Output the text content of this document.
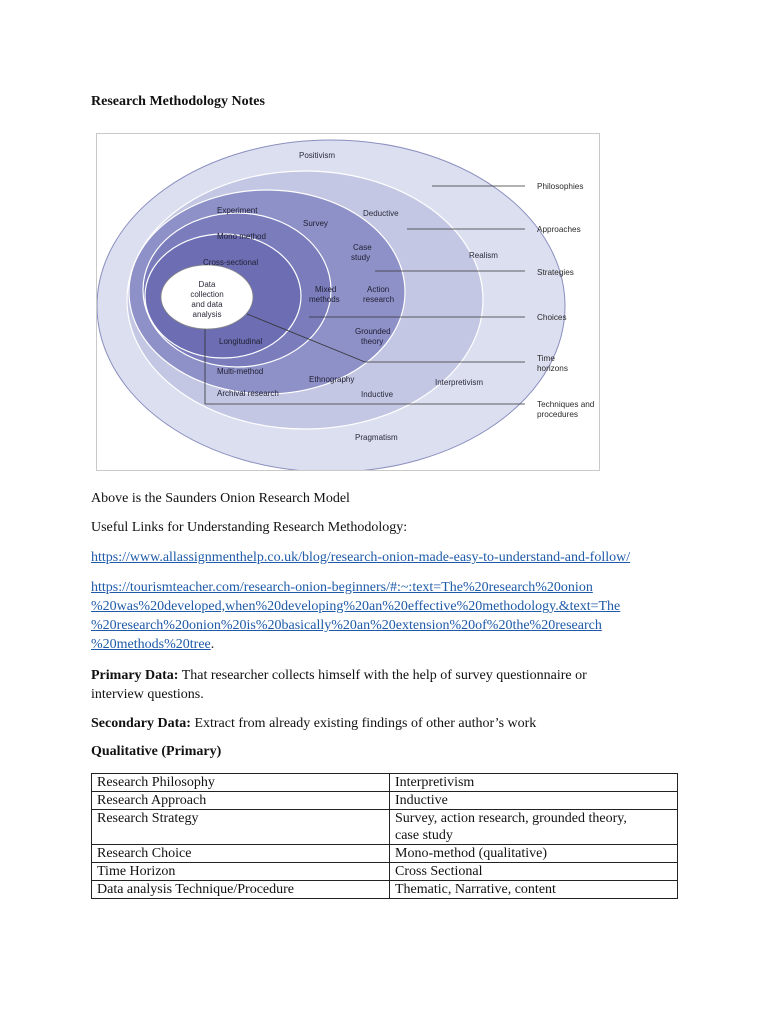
Research Methodology Notes
Positivism
Deductive
Realism
Interpretivism
Inductive
Pragmatism
Experiment
Survey
Case
study
Action
research
Grounded
theory
Ethnography
Archival research
Mono method
Mixed
methods
Multi-method
Cross-sectional
Longitudinal
Data
collection
and data
analysis
Philosophies
Approaches
Strategies
Choices
Time
horizons
Techniques and
procedures
Above is the Saunders Onion Research Model
Useful Links for Understanding Research Methodology:
https://www.allassignmenthelp.co.uk/blog/research-onion-made-easy-to-understand-and-follow/
https://tourismteacher.com/research-onion-beginners/#:~:text=The%20research%20onion
%20was%20developed,when%20developing%20an%20effective%20methodology.&text=The
%20research%20onion%20is%20basically%20an%20extension%20of%20the%20research
%20methods%20tree.
Primary Data: That researcher collects himself with the help of survey questionnaire or
interview questions.
Secondary Data: Extract from already existing findings of other author’s work
Qualitative (Primary)
Research Philosophy	Interpretivism
Research Approach	Inductive
Research Strategy	Survey, action research, grounded theory,
case study
Research Choice	Mono-method (qualitative)
Time Horizon	Cross Sectional
Data analysis Technique/Procedure	Thematic, Narrative, content
